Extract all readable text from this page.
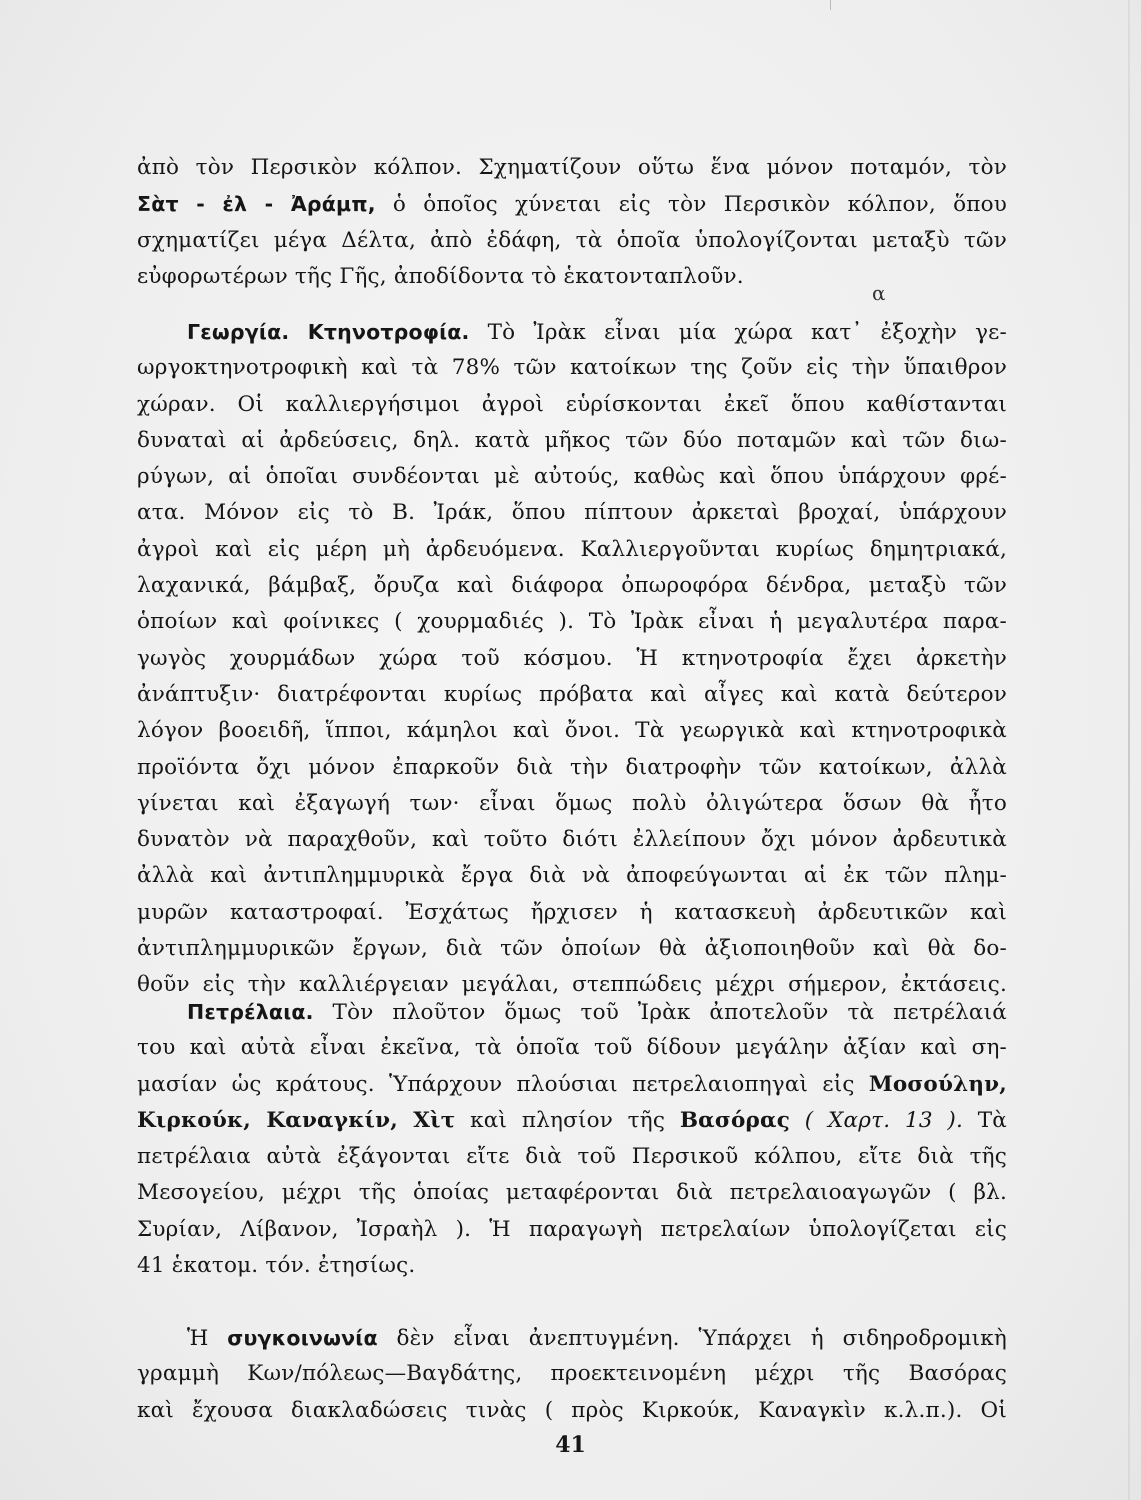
α
ἀπὸ τὸν Περσικὸν κόλπον. Σχηματίζουν οὕτω ἕνα μόνον ποταμόν, τὸν
Σὰτ - ἐλ - Ἀράμπ, ὁ ὁποῖος χύνεται εἰς τὸν Περσικὸν κόλπον, ὅπου
σχηματίζει μέγα Δέλτα, ἀπὸ ἐδάφη, τὰ ὁποῖα ὑπολογίζονται μεταξὺ τῶν
εὐφορωτέρων τῆς Γῆς, ἀποδίδοντα τὸ ἑκατονταπλοῦν.
Γεωργία. Κτηνοτροφία. Τὸ Ἰρὰκ εἶναι μία χώρα κατ᾽ ἐξοχὴν γε-
ωργοκτηνοτροφικὴ καὶ τὰ 78% τῶν κατοίκων της ζοῦν εἰς τὴν ὕπαιθρον
χώραν. Οἱ καλλιεργήσιμοι ἀγροὶ εὑρίσκονται ἐκεῖ ὅπου καθίστανται
δυναταὶ αἱ ἀρδεύσεις, δηλ. κατὰ μῆκος τῶν δύο ποταμῶν καὶ τῶν διω-
ρύγων, αἱ ὁποῖαι συνδέονται μὲ αὐτούς, καθὼς καὶ ὅπου ὑπάρχουν φρέ-
ατα. Μόνον εἰς τὸ Β. Ἰράκ, ὅπου πίπτουν ἀρκεταὶ βροχαί, ὑπάρχουν
ἀγροὶ καὶ εἰς μέρη μὴ ἀρδευόμενα. Καλλιεργοῦνται κυρίως δημητριακά,
λαχανικά, βάμβαξ, ὄρυζα καὶ διάφορα ὀπωροφόρα δένδρα, μεταξὺ τῶν
ὁποίων καὶ φοίνικες ( χουρμαδιές ). Τὸ Ἰρὰκ εἶναι ἡ μεγαλυτέρα παρα-
γωγὸς χουρμάδων χώρα τοῦ κόσμου. Ἡ κτηνοτροφία ἔχει ἀρκετὴν
ἀνάπτυξιν· διατρέφονται κυρίως πρόβατα καὶ αἶγες καὶ κατὰ δεύτερον
λόγον βοοειδῆ, ἵπποι, κάμηλοι καὶ ὄνοι. Τὰ γεωργικὰ καὶ κτηνοτροφικὰ
προϊόντα ὄχι μόνον ἐπαρκοῦν διὰ τὴν διατροφὴν τῶν κατοίκων, ἀλλὰ
γίνεται καὶ ἐξαγωγή των· εἶναι ὅμως πολὺ ὀλιγώτερα ὅσων θὰ ἦτο
δυνατὸν νὰ παραχθοῦν, καὶ τοῦτο διότι ἐλλείπουν ὄχι μόνον ἀρδευτικὰ
ἀλλὰ καὶ ἀντιπλημμυρικὰ ἔργα διὰ νὰ ἀποφεύγωνται αἱ ἐκ τῶν πλημ-
μυρῶν καταστροφαί. Ἐσχάτως ἤρχισεν ἡ κατασκευὴ ἀρδευτικῶν καὶ
ἀντιπλημμυρικῶν ἔργων, διὰ τῶν ὁποίων θὰ ἀξιοποιηθοῦν καὶ θὰ δο-
θοῦν εἰς τὴν καλλιέργειαν μεγάλαι, στεππώδεις μέχρι σήμερον, ἐκτάσεις.
Πετρέλαια. Τὸν πλοῦτον ὅμως τοῦ Ἰρὰκ ἀποτελοῦν τὰ πετρέλαιά
του καὶ αὐτὰ εἶναι ἐκεῖνα, τὰ ὁποῖα τοῦ δίδουν μεγάλην ἀξίαν καὶ ση-
μασίαν ὡς κράτους. Ὑπάρχουν πλούσιαι πετρελαιοπηγαὶ εἰς Μοσούλην,
Κιρκούκ, Καναγκίν, Χὶτ καὶ πλησίον τῆς Βασόρας ( Χαρτ. 13 ). Τὰ
πετρέλαια αὐτὰ ἐξάγονται εἴτε διὰ τοῦ Περσικοῦ κόλπου, εἴτε διὰ τῆς
Μεσογείου, μέχρι τῆς ὁποίας μεταφέρονται διὰ πετρελαιοαγωγῶν ( βλ.
Συρίαν, Λίβανον, Ἰσραὴλ ). Ἡ παραγωγὴ πετρελαίων ὑπολογίζεται εἰς
41 ἑκατομ. τόν. ἐτησίως.
Ἡ συγκοινωνία δὲν εἶναι ἀνεπτυγμένη. Ὑπάρχει ἡ σιδηροδρομικὴ
γραμμὴ Κων/πόλεως—Βαγδάτης, προεκτεινομένη μέχρι τῆς Βασόρας
καὶ ἔχουσα διακλαδώσεις τινὰς ( πρὸς Κιρκούκ, Καναγκὶν κ.λ.π.). Οἱ
41
